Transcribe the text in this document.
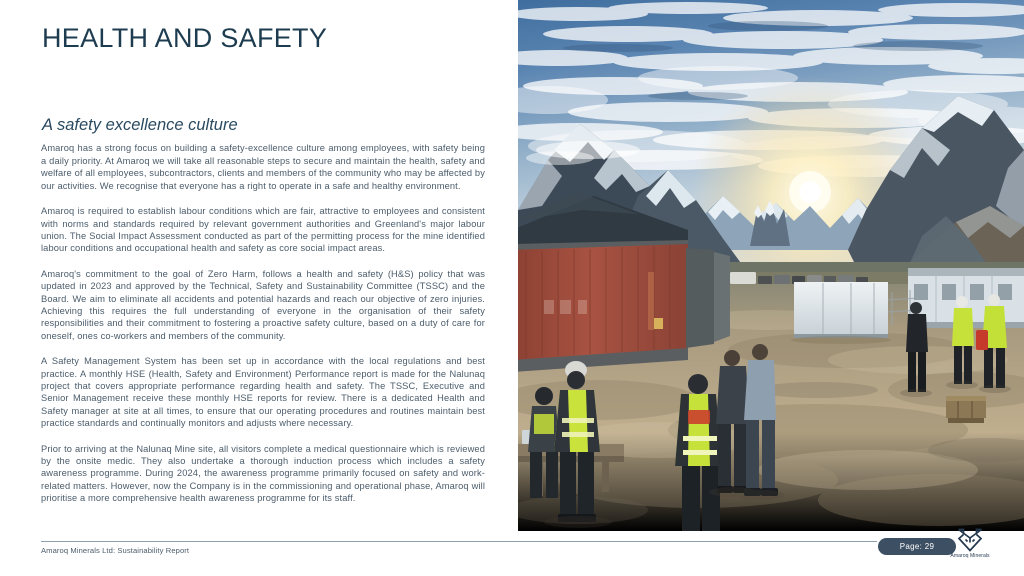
HEALTH AND SAFETY
A safety excellence culture

Amaroq has a strong focus on building a safety-excellence culture among employees, with safety being a daily priority. At Amaroq we will take all reasonable steps to secure and maintain the health, safety and welfare of all employees, subcontractors, clients and members of the community who may be affected by our activities. We recognise that everyone has a right to operate in a safe and healthy environment.

Amaroq is required to establish labour conditions which are fair, attractive to employees and consistent with norms and standards required by relevant government authorities and Greenland's major labour union. The Social Impact Assessment conducted as part of the permitting process for the mine identified labour conditions and occupational health and safety as core social impact areas.

Amaroq's commitment to the goal of Zero Harm, follows a health and safety (H&S) policy that was updated in 2023 and approved by the Technical, Safety and Sustainability Committee (TSSC) and the Board. We aim to eliminate all accidents and potential hazards and reach our objective of zero injuries. Achieving this requires the full understanding of everyone in the organisation of their safety responsibilities and their commitment to fostering a proactive safety culture, based on a duty of care for oneself, ones co-workers and members of the community.

A Safety Management System has been set up in accordance with the local regulations and best practice. A monthly HSE (Health, Safety and Environment) Performance report is made for the Nalunaq project that covers appropriate performance regarding health and safety. The TSSC, Executive and Senior Management receive these monthly HSE reports for review. There is a dedicated Health and Safety manager at site at all times, to ensure that our operating procedures and routines maintain best practice standards and continually monitors and adjusts where necessary.

Prior to arriving at the Nalunaq Mine site, all visitors complete a medical questionnaire which is reviewed by the onsite medic. They also undertake a thorough induction process which includes a safety awareness programme. During 2024, the awareness programme primarily focused on safety and work-related matters. However, now the Company is in the commissioning and operational phase, Amaroq will prioritise a more comprehensive health awareness programme for its staff.

Amaroq Minerals Ltd: Sustainability Report	Page: 29
Amaroq Minerals
